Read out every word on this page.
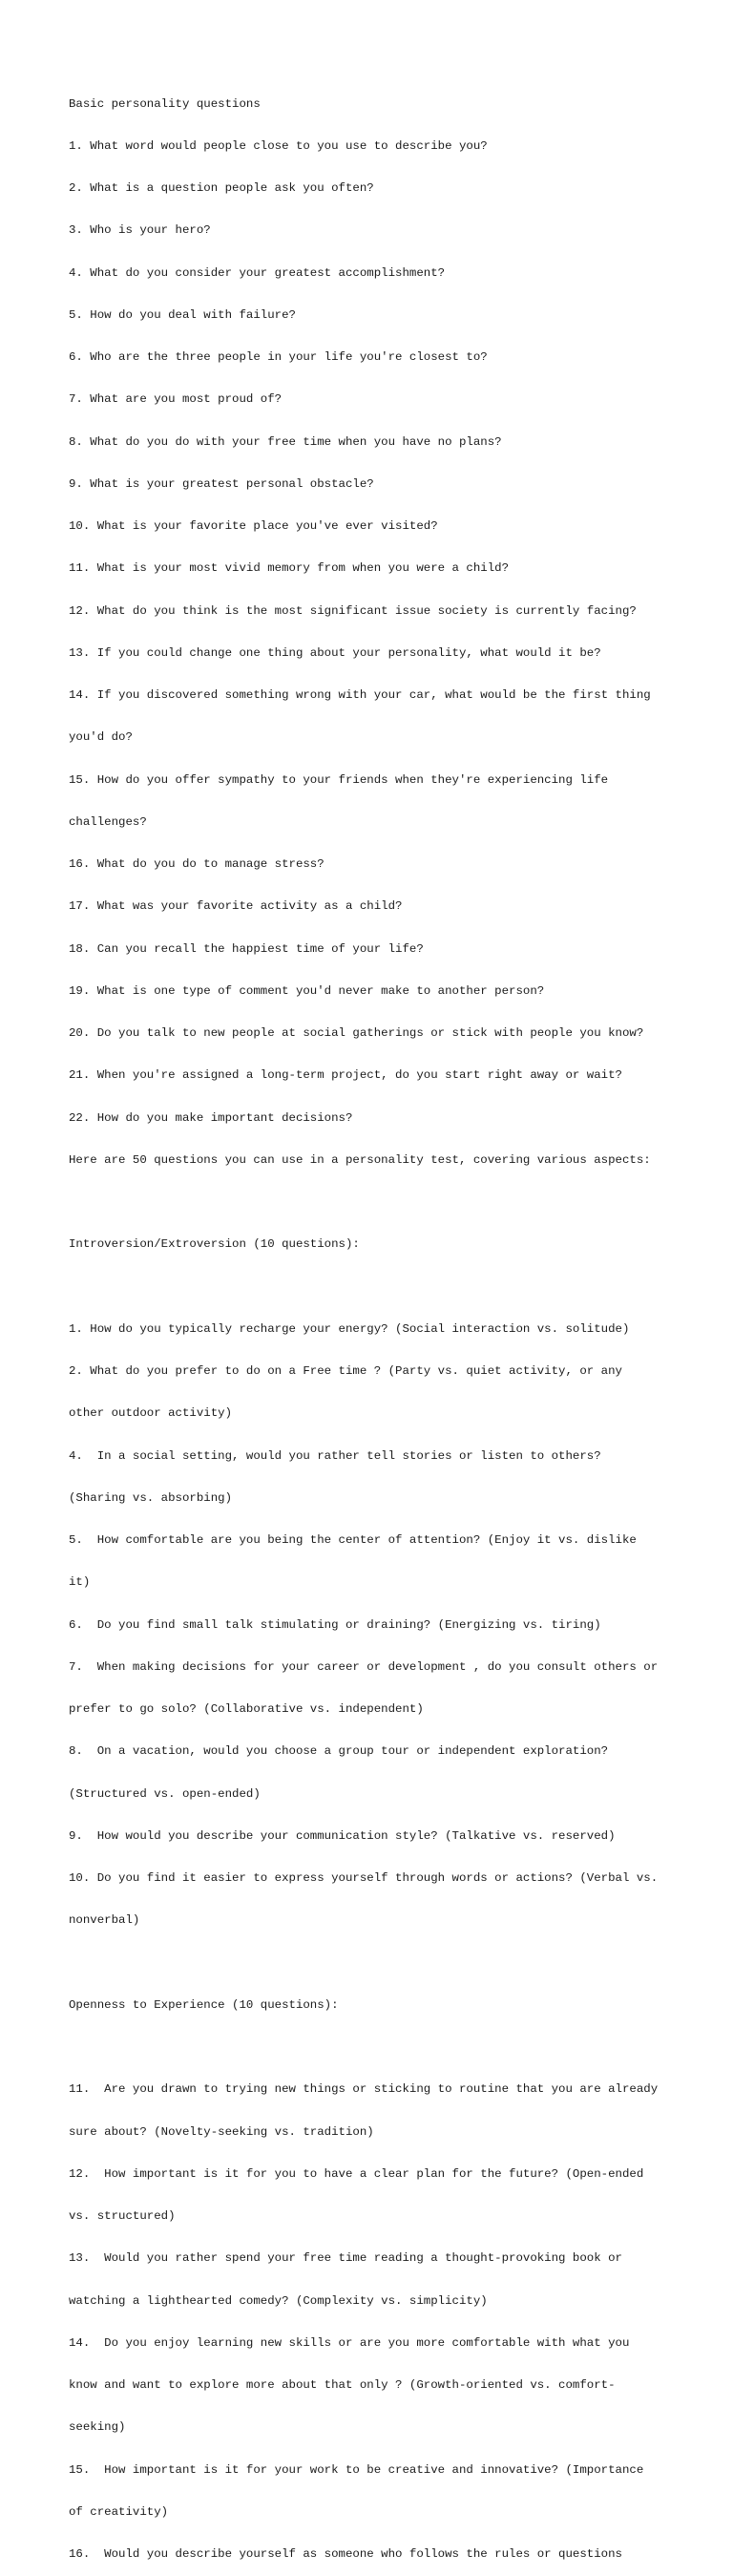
Basic personality questions

1. What word would people close to you use to describe you?

2. What is a question people ask you often?

3. Who is your hero?

4. What do you consider your greatest accomplishment?

5. How do you deal with failure?

6. Who are the three people in your life you're closest to?

7. What are you most proud of?

8. What do you do with your free time when you have no plans?

9. What is your greatest personal obstacle?

10. What is your favorite place you've ever visited?

11. What is your most vivid memory from when you were a child?

12. What do you think is the most significant issue society is currently facing?

13. If you could change one thing about your personality, what would it be?

14. If you discovered something wrong with your car, what would be the first thing

you'd do?

15. How do you offer sympathy to your friends when they're experiencing life

challenges?

16. What do you do to manage stress?

17. What was your favorite activity as a child?

18. Can you recall the happiest time of your life?

19. What is one type of comment you'd never make to another person?

20. Do you talk to new people at social gatherings or stick with people you know?

21. When you're assigned a long-term project, do you start right away or wait?

22. How do you make important decisions?

Here are 50 questions you can use in a personality test, covering various aspects:

Introversion/Extroversion (10 questions):

1. How do you typically recharge your energy? (Social interaction vs. solitude)

2. What do you prefer to do on a Free time ? (Party vs. quiet activity, or any

other outdoor activity)

4.  In a social setting, would you rather tell stories or listen to others?

(Sharing vs. absorbing)

5.  How comfortable are you being the center of attention? (Enjoy it vs. dislike

it)

6.  Do you find small talk stimulating or draining? (Energizing vs. tiring)

7.  When making decisions for your career or development , do you consult others or

prefer to go solo? (Collaborative vs. independent)

8.  On a vacation, would you choose a group tour or independent exploration?

(Structured vs. open-ended)

9.  How would you describe your communication style? (Talkative vs. reserved)

10. Do you find it easier to express yourself through words or actions? (Verbal vs.

nonverbal)

Openness to Experience (10 questions):

11.  Are you drawn to trying new things or sticking to routine that you are already

sure about? (Novelty-seeking vs. tradition)

12.  How important is it for you to have a clear plan for the future? (Open-ended

vs. structured)

13.  Would you rather spend your free time reading a thought-provoking book or

watching a lighthearted comedy? (Complexity vs. simplicity)

14.  Do you enjoy learning new skills or are you more comfortable with what you

know and want to explore more about that only ? (Growth-oriented vs. comfort-

seeking)

15.  How important is it for your work to be creative and innovative? (Importance

of creativity)

16.  Would you describe yourself as someone who follows the rules or questions
